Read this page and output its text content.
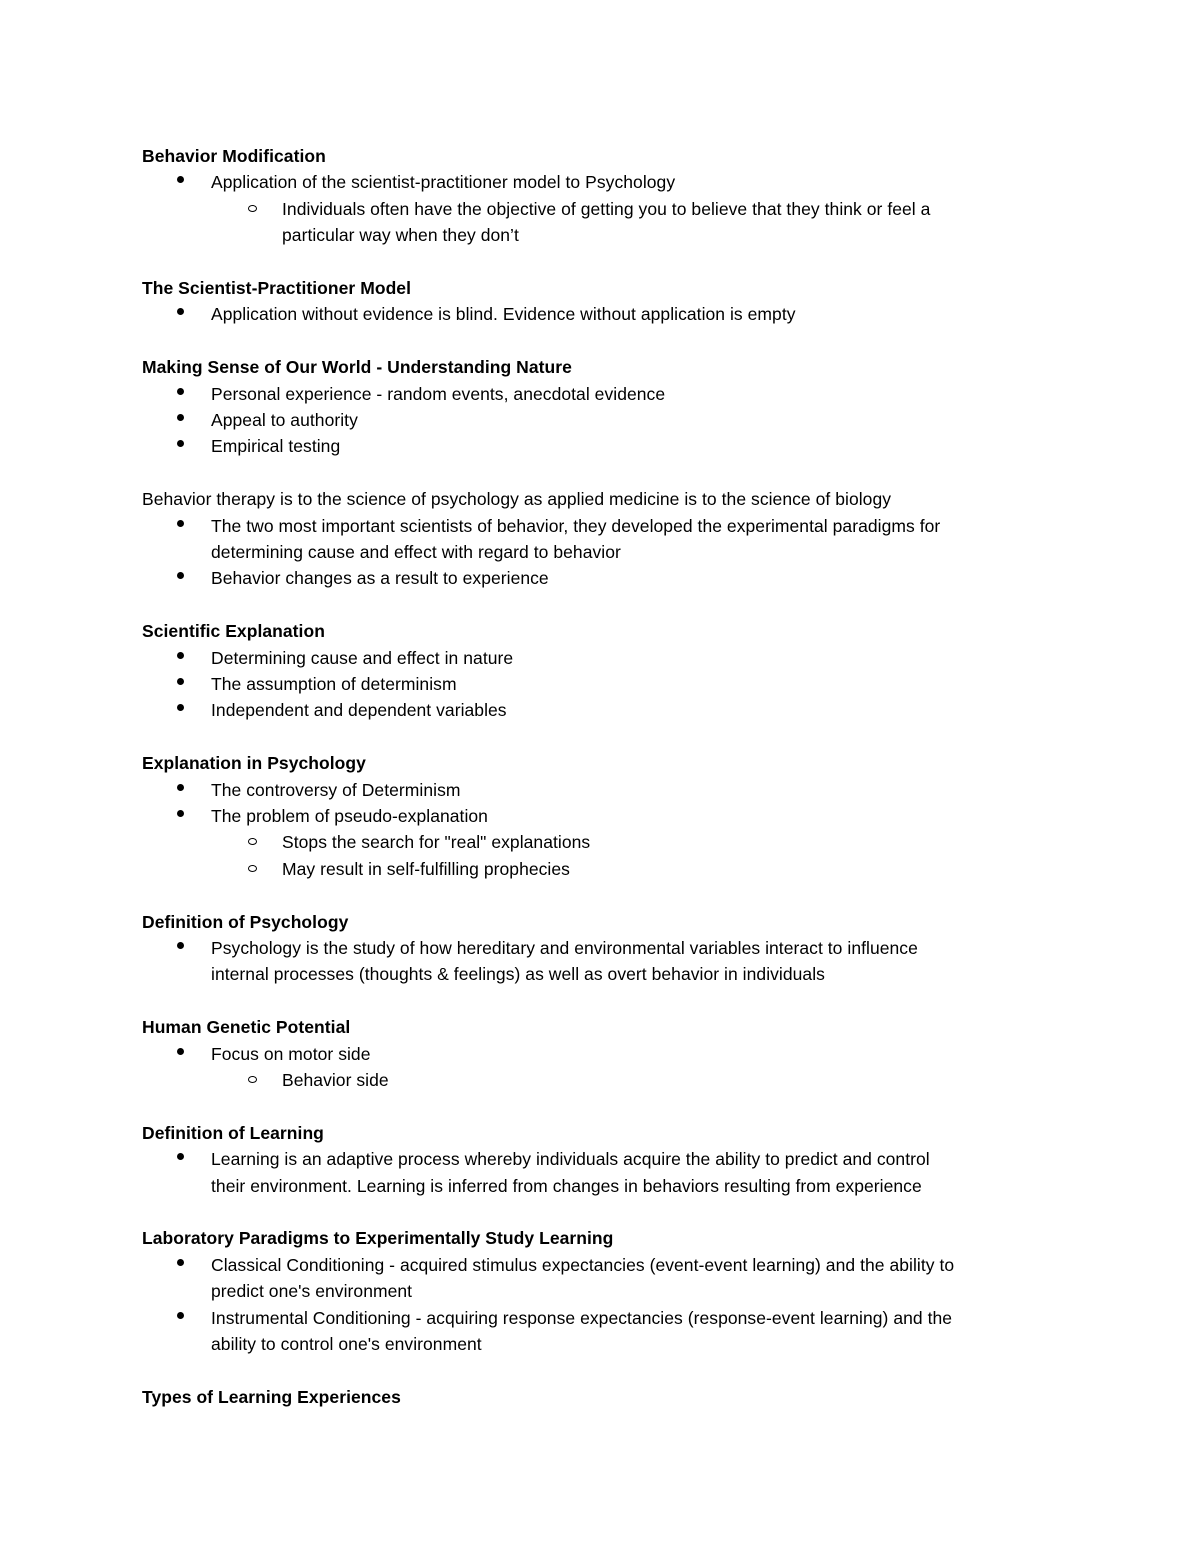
Behavior Modification
Application of the scientist-practitioner model to Psychology
Individuals often have the objective of getting you to believe that they think or feel a
particular way when they don’t
The Scientist-Practitioner Model
Application without evidence is blind. Evidence without application is empty
Making Sense of Our World - Understanding Nature
Personal experience - random events, anecdotal evidence
Appeal to authority
Empirical testing
Behavior therapy is to the science of psychology as applied medicine is to the science of biology
The two most important scientists of behavior, they developed the experimental paradigms for
determining cause and effect with regard to behavior
Behavior changes as a result to experience
Scientific Explanation
Determining cause and effect in nature
The assumption of determinism
Independent and dependent variables
Explanation in Psychology
The controversy of Determinism
The problem of pseudo-explanation
Stops the search for "real" explanations
May result in self-fulfilling prophecies
Definition of Psychology
Psychology is the study of how hereditary and environmental variables interact to influence
internal processes (thoughts & feelings) as well as overt behavior in individuals
Human Genetic Potential
Focus on motor side
Behavior side
Definition of Learning
Learning is an adaptive process whereby individuals acquire the ability to predict and control
their environment. Learning is inferred from changes in behaviors resulting from experience
Laboratory Paradigms to Experimentally Study Learning
Classical Conditioning - acquired stimulus expectancies (event-event learning) and the ability to
predict one's environment
Instrumental Conditioning - acquiring response expectancies (response-event learning) and the
ability to control one's environment
Types of Learning Experiences
